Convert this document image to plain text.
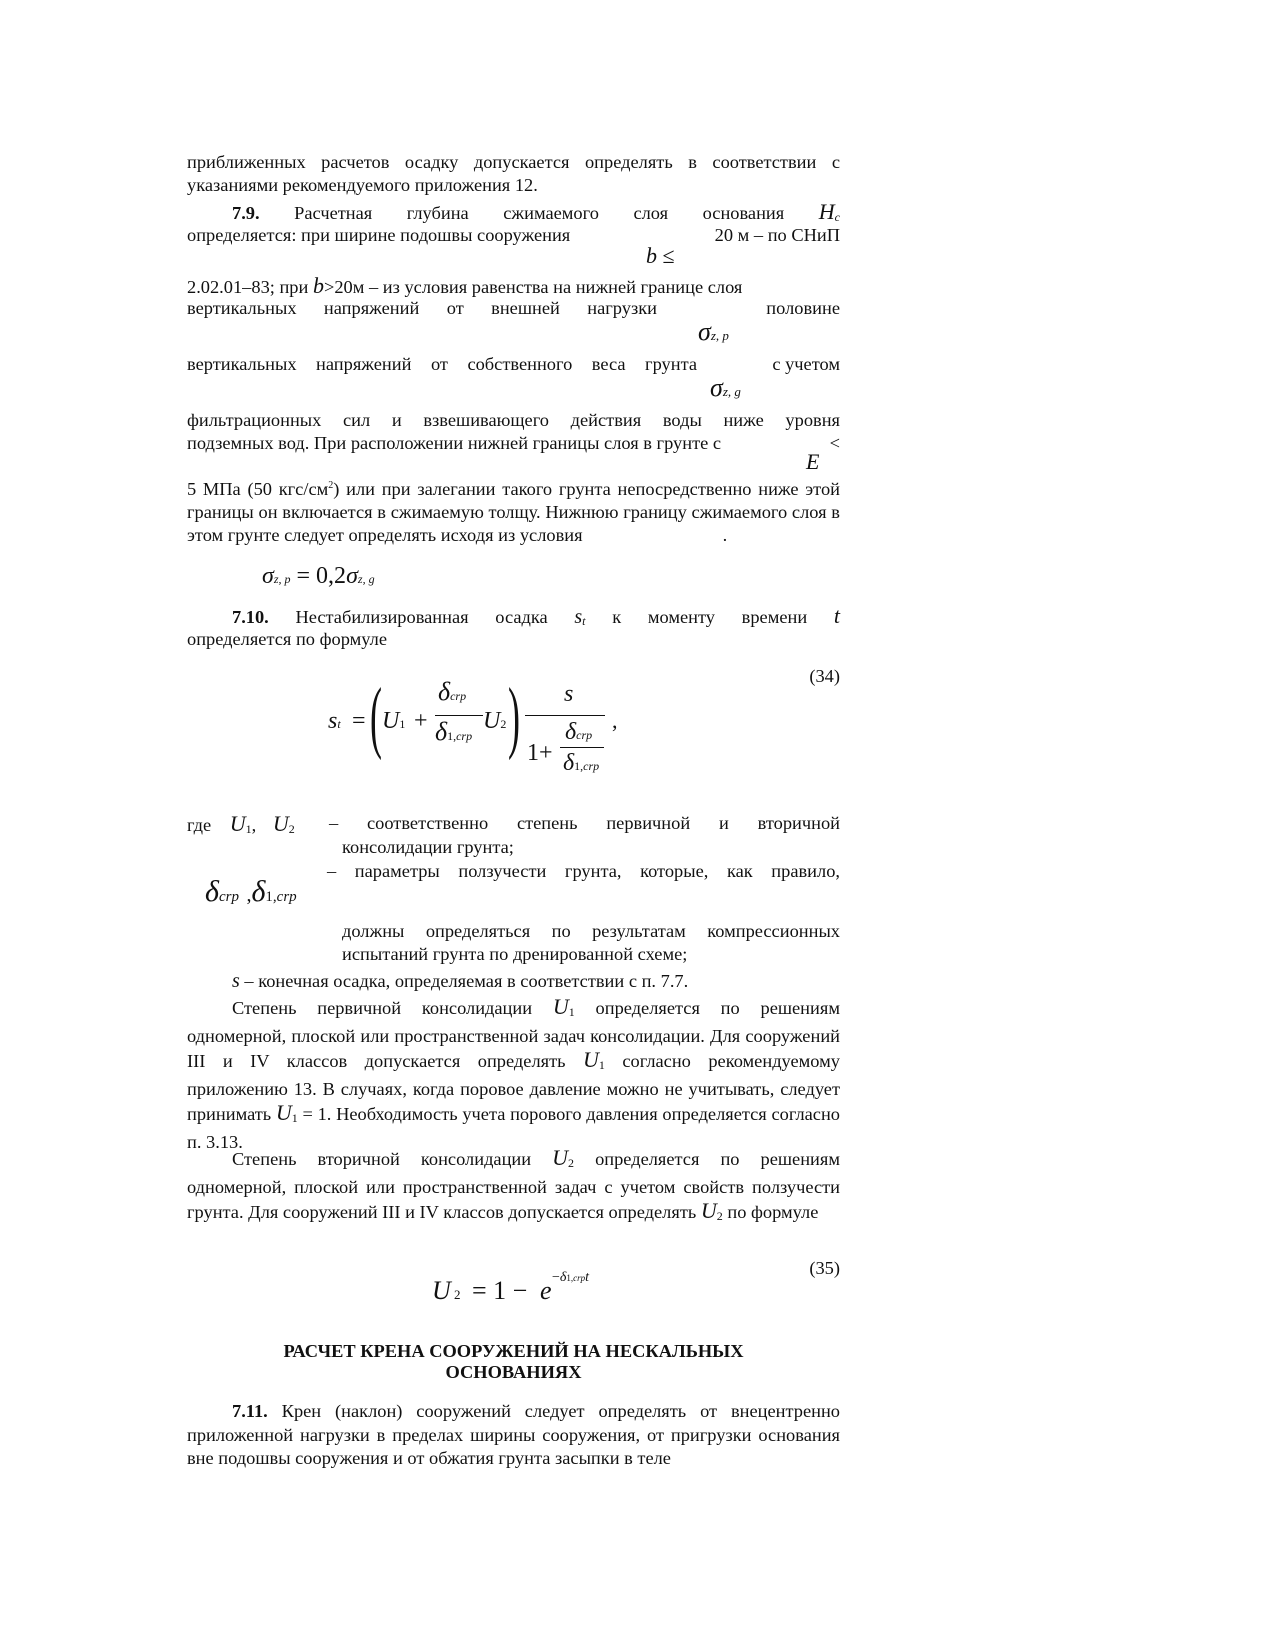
приближенных расчетов осадку допускается определять в соответствии с указаниями рекомендуемого приложения 12.
7.9. Расчетная глубина сжимаемого слоя основания Hc
определяется: при ширине подошвы сооружения	20 м – по СНиП
b ≤
2.02.01–83; при b>20м – из условия равенства на нижней границе слоя
вертикальных напряжений от внешней нагрузки	половине
σz, p
вертикальных напряжений от собственного веса грунта	с учетом
σz, g
фильтрационных сил и взвешивающего действия воды ниже уровня
подземных вод. При расположении нижней границы слоя в грунте с	<
E
5 МПа (50 кгс/$см^2$) или при залегании такого грунта непосредственно ниже этой границы он включается в сжимаемую толщу. Нижнюю границу сжимаемого слоя в этом грунте следует определять исходя из условия	.
σz, p = 0,2σz, g
7.10. Нестабилизированная осадка st к моменту времени t
определяется по формуле
(34)
st = ( U1 +
δcrp
δ1,crp
U2 ) s
1+
δcrp
δ1,crp
,
где U1, U2 – соответственно степень первичной и вторичной
консолидации грунта;
– параметры ползучести грунта, которые, как правило,
δcrp ,δ1,crp
должны определяться по результатам компрессионных испытаний грунта по дренированной схеме;
s – конечная осадка, определяемая в соответствии с п. 7.7.
Степень первичной консолидации U1 определяется по решениям одномерной, плоской или пространственной задач консолидации. Для сооружений III и IV классов допускается определять U1 согласно рекомендуемому приложению 13. В случаях, когда поровое давление можно не учитывать, следует принимать U1 = 1. Необходимость учета порового давления определяется согласно п. 3.13.
Степень вторичной консолидации U2 определяется по решениям одномерной, плоской или пространственной задач с учетом свойств ползучести грунта. Для сооружений III и IV классов допускается определять U2 по формуле
(35)
U 2 = 1 − e −δ1,crpt
РАСЧЕТ КРЕНА СООРУЖЕНИЙ НА НЕСКАЛЬНЫХ
ОСНОВАНИЯХ
7.11. Крен (наклон) сооружений следует определять от внецентренно приложенной нагрузки в пределах ширины сооружения, от пригрузки основания вне подошвы сооружения и от обжатия грунта засыпки в теле
